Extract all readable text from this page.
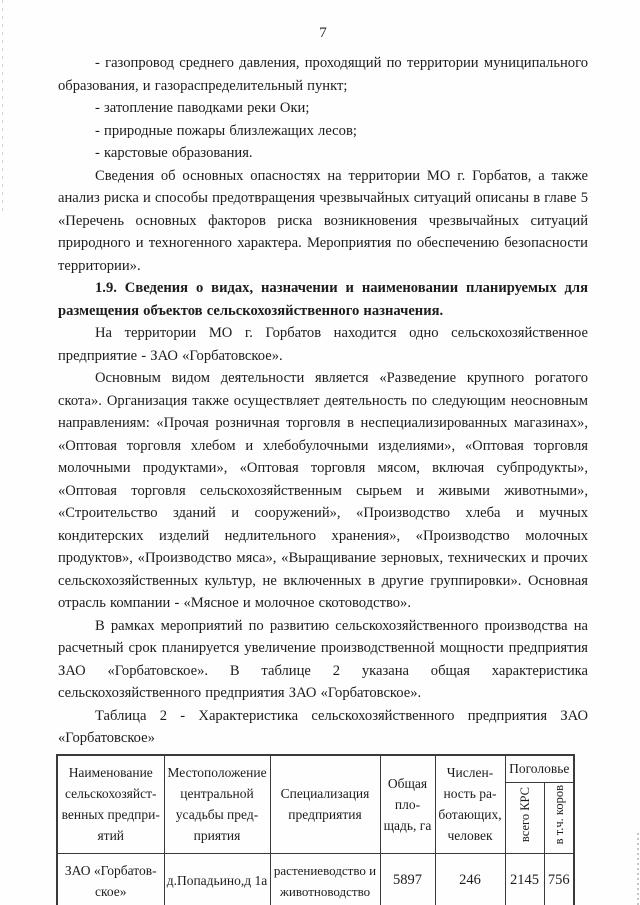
7

- газопровод среднего давления, проходящий по территории муниципального образования, и газораспределительный пункт;

- затопление паводками реки Оки;

- природные пожары близлежащих лесов;

- карстовые образования.

Сведения об основных опасностях на территории МО г. Горбатов, а также анализ риска и способы предотвращения чрезвычайных ситуаций описаны в главе 5 «Перечень основных факторов риска возникновения чрезвычайных ситуаций природного и техногенного характера. Мероприятия по обеспечению безопасности территории».

1.9. Сведения о видах, назначении и наименовании планируемых для размещения объектов сельскохозяйственного назначения.

На территории МО г. Горбатов находится одно сельскохозяйственное предприятие - ЗАО «Горбатовское».

Основным видом деятельности является «Разведение крупного рогатого скота». Организация также осуществляет деятельность по следующим неосновным направлениям: «Прочая розничная торговля в неспециализированных магазинах», «Оптовая торговля хлебом и хлебобулочными изделиями», «Оптовая торговля молочными продуктами», «Оптовая торговля мясом, включая субпродукты», «Оптовая торговля сельскохозяйственным сырьем и живыми животными», «Строительство зданий и сооружений», «Производство хлеба и мучных кондитерских изделий недлительного хранения», «Производство молочных продуктов», «Производство мяса», «Выращивание зерновых, технических и прочих сельскохозяйственных культур, не включенных в другие группировки». Основная отрасль компании - «Мясное и молочное скотоводство».

В рамках мероприятий по развитию сельскохозяйственного производства на расчетный срок планируется увеличение производственной мощности предприятия ЗАО «Горбатовское». В таблице 2 указана общая характеристика сельскохозяйственного предприятия ЗАО «Горбатовское».

Таблица 2 - Характеристика сельскохозяйственного предприятия ЗАО «Горбатовское»

Наименование сельскохозяйственных предприятий	Местоположение центральной усадьбы предприятия	Специализация предприятия	Общая площадь, га	Численность работающих, человек	Поголовье	
					всего КРС	в т.ч. коров
ЗАО «Горбатовское»	д.Попадьино,д 1а	растениеводство и животноводство	5897	246	2145	756
